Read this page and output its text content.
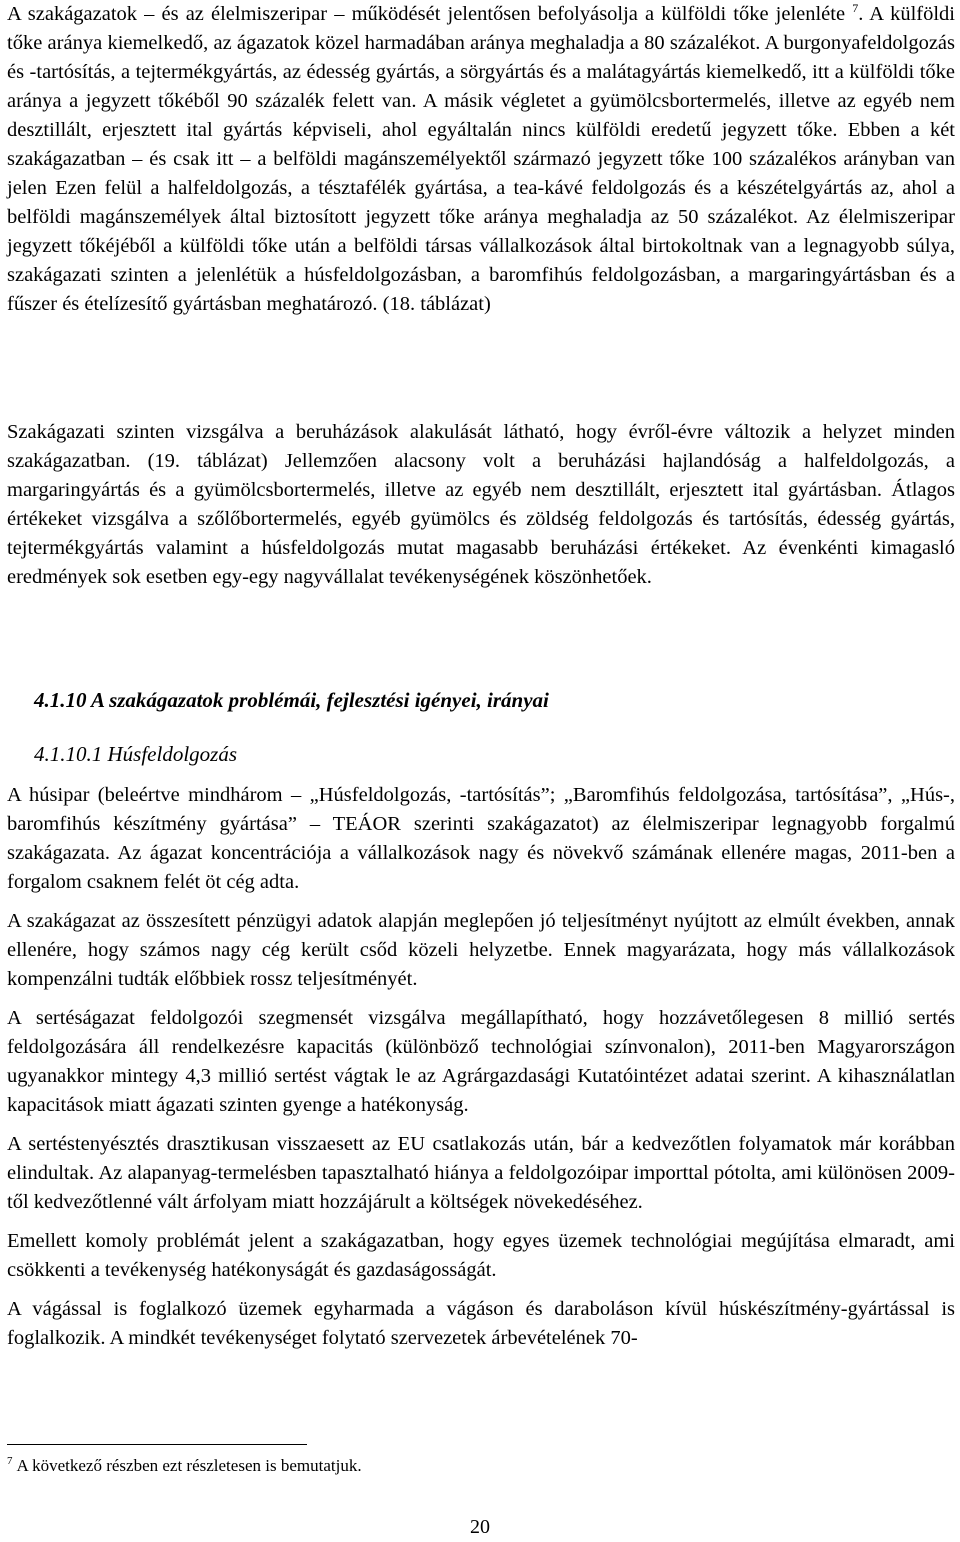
A szakágazatok – és az élelmiszeripar – működését jelentősen befolyásolja a külföldi tőke jelenléte $^7$. A külföldi tőke aránya kiemelkedő, az ágazatok közel harmadában aránya meghaladja a 80 százalékot. A burgonyafeldolgozás és -tartósítás, a tejtermékgyártás, az édesség gyártás, a sörgyártás és a malátagyártás kiemelkedő, itt a külföldi tőke aránya a jegyzett tőkéből 90 százalék felett van. A másik végletet a gyümölcsbortermelés, illetve az egyéb nem desztillált, erjesztett ital gyártás képviseli, ahol egyáltalán nincs külföldi eredetű jegyzett tőke. Ebben a két szakágazatban – és csak itt – a belföldi magánszemélyektől származó jegyzett tőke 100 százalékos arányban van jelen Ezen felül a halfeldolgozás, a tésztafélék gyártása, a tea-kávé feldolgozás és a készételgyártás az, ahol a belföldi magánszemélyek által biztosított jegyzett tőke aránya meghaladja az 50 százalékot. Az élelmiszeripar jegyzett tőkéjéből a külföldi tőke után a belföldi társas vállalkozások által birtokoltnak van a legnagyobb súlya, szakágazati szinten a jelenlétük a húsfeldolgozásban, a baromfihús feldolgozásban, a margaringyártásban és a fűszer és ételízesítő gyártásban meghatározó. (18. táblázat)

Szakágazati szinten vizsgálva a beruházások alakulását látható, hogy évről-évre változik a helyzet minden szakágazatban. (19. táblázat) Jellemzően alacsony volt a beruházási hajlandóság a halfeldolgozás, a margaringyártás és a gyümölcsbortermelés, illetve az egyéb nem desztillált, erjesztett ital gyártásban. Átlagos értékeket vizsgálva a szőlőbortermelés, egyéb gyümölcs és zöldség feldolgozás és tartósítás, édesség gyártás, tejtermékgyártás valamint a húsfeldolgozás mutat magasabb beruházási értékeket. Az évenkénti kimagasló eredmények sok esetben egy-egy nagyvállalat tevékenységének köszönhetőek.

4.1.10 A szakágazatok problémái, fejlesztési igényei, irányai
4.1.10.1 Húsfeldolgozás

A húsipar (beleértve mindhárom – „Húsfeldolgozás, -tartósítás”; „Baromfihús feldolgozása, tartósítása”, „Hús-, baromfihús készítmény gyártása” – TEÁOR szerinti szakágazatot) az élelmiszeripar legnagyobb forgalmú szakágazata. Az ágazat koncentrációja a vállalkozások nagy és növekvő számának ellenére magas, 2011-ben a forgalom csaknem felét öt cég adta.

A szakágazat az összesített pénzügyi adatok alapján meglepően jó teljesítményt nyújtott az elmúlt években, annak ellenére, hogy számos nagy cég került csőd közeli helyzetbe. Ennek magyarázata, hogy más vállalkozások kompenzálni tudták előbbiek rossz teljesítményét.

A sertéságazat feldolgozói szegmensét vizsgálva megállapítható, hogy hozzávetőlegesen 8 millió sertés feldolgozására áll rendelkezésre kapacitás (különböző technológiai színvonalon), 2011-ben Magyarországon ugyanakkor mintegy 4,3 millió sertést vágtak le az Agrárgazdasági Kutatóintézet adatai szerint. A kihasználatlan kapacitások miatt ágazati szinten gyenge a hatékonyság.

A sertéstenyésztés drasztikusan visszaesett az EU csatlakozás után, bár a kedvezőtlen folyamatok már korábban elindultak. Az alapanyag-termelésben tapasztalható hiánya a feldolgozóipar importtal pótolta, ami különösen 2009-től kedvezőtlenné vált árfolyam miatt hozzájárult a költségek növekedéséhez.

Emellett komoly problémát jelent a szakágazatban, hogy egyes üzemek technológiai megújítása elmaradt, ami csökkenti a tevékenység hatékonyságát és gazdaságosságát.

A vágással is foglalkozó üzemek egyharmada a vágáson és daraboláson kívül húskészítmény-gyártással is foglalkozik. A mindkét tevékenységet folytató szervezetek árbevételének 70-

$^7$ A következő részben ezt részletesen is bemutatjuk.
20
